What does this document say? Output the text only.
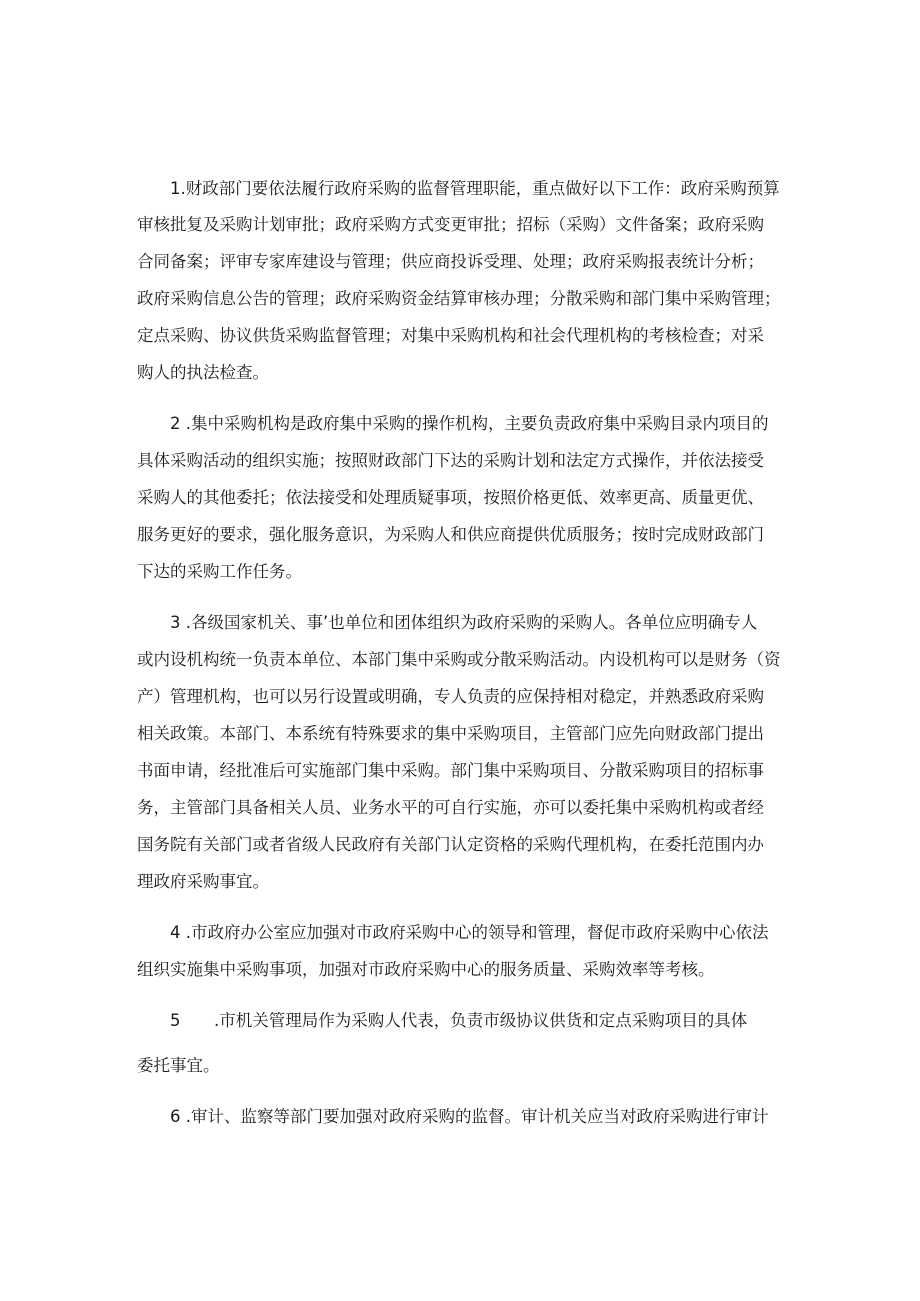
1.财政部门要依法履行政府采购的监督管理职能，重点做好以下工作：政府采购预算
审核批复及采购计划审批；政府采购方式变更审批；招标（采购）文件备案；政府采购
合同备案；评审专家库建设与管理；供应商投诉受理、处理；政府采购报表统计分析；
政府采购信息公告的管理；政府采购资金结算审核办理；分散采购和部门集中采购管理；
定点采购、协议供货采购监督管理；对集中采购机构和社会代理机构的考核检查；对采
购人的执法检查。
2 .集中采购机构是政府集中采购的操作机构，主要负责政府集中采购目录内项目的
具体采购活动的组织实施；按照财政部门下达的采购计划和法定方式操作，并依法接受
采购人的其他委托；依法接受和处理质疑事项，按照价格更低、效率更高、质量更优、
服务更好的要求，强化服务意识，为采购人和供应商提供优质服务；按时完成财政部门
下达的采购工作任务。
3 .各级国家机关、事’也单位和团体组织为政府采购的采购人。各单位应明确专人
或内设机构统一负责本单位、本部门集中采购或分散采购活动。内设机构可以是财务（资
产）管理机构，也可以另行设置或明确，专人负责的应保持相对稳定，并熟悉政府采购
相关政策。本部门、本系统有特殊要求的集中采购项目，主管部门应先向财政部门提出
书面申请，经批准后可实施部门集中采购。部门集中采购项目、分散采购项目的招标事
务，主管部门具备相关人员、业务水平的可自行实施，亦可以委托集中采购机构或者经
国务院有关部门或者省级人民政府有关部门认定资格的采购代理机构，在委托范围内办
理政府采购事宜。
4 .市政府办公室应加强对市政府采购中心的领导和管理，督促市政府采购中心依法
组织实施集中采购事项，加强对市政府采购中心的服务质量、采购效率等考核。
5 .市机关管理局作为采购人代表，负责市级协议供货和定点采购项目的具体
委托事宜。
6 .审计、监察等部门要加强对政府采购的监督。审计机关应当对政府采购进行审计
